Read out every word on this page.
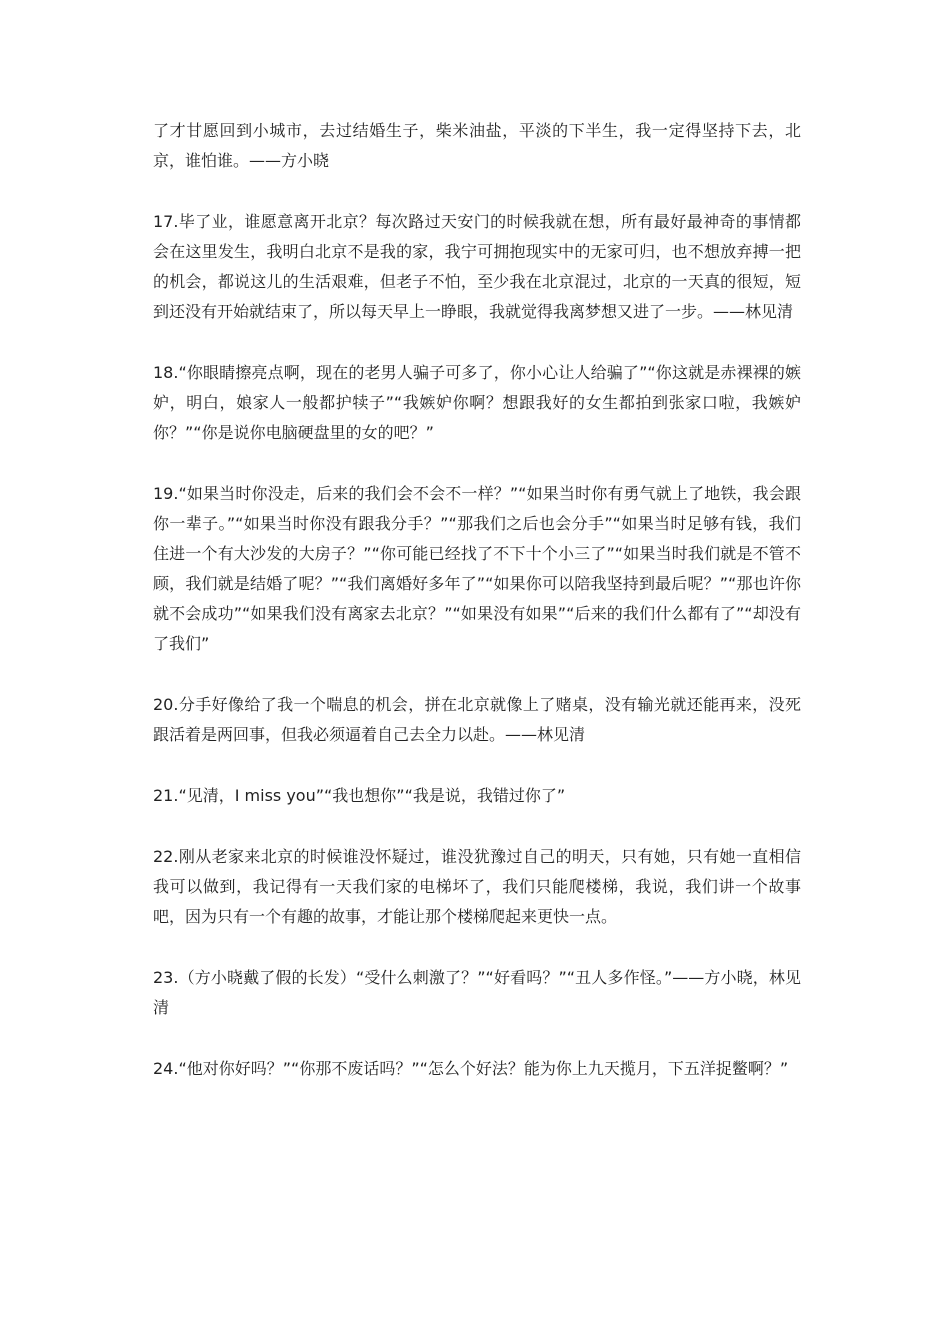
了才甘愿回到小城市，去过结婚生子，柴米油盐，平淡的下半生，我一定得坚持下去，北京，谁怕谁。——方小晓

17.毕了业，谁愿意离开北京？每次路过天安门的时候我就在想，所有最好最神奇的事情都会在这里发生，我明白北京不是我的家，我宁可拥抱现实中的无家可归，也不想放弃搏一把的机会，都说这儿的生活艰难，但老子不怕，至少我在北京混过，北京的一天真的很短，短到还没有开始就结束了，所以每天早上一睁眼，我就觉得我离梦想又进了一步。——林见清

18.“你眼睛擦亮点啊，现在的老男人骗子可多了，你小心让人给骗了”“你这就是赤裸裸的嫉妒，明白，娘家人一般都护犊子”“我嫉妒你啊？想跟我好的女生都拍到张家口啦，我嫉妒你？”“你是说你电脑硬盘里的女的吧？”

19.“如果当时你没走，后来的我们会不会不一样？”“如果当时你有勇气就上了地铁，我会跟你一辈子。”“如果当时你没有跟我分手？”“那我们之后也会分手”“如果当时足够有钱，我们住进一个有大沙发的大房子？”“你可能已经找了不下十个小三了”“如果当时我们就是不管不顾，我们就是结婚了呢？”“我们离婚好多年了”“如果你可以陪我坚持到最后呢？”“那也许你就不会成功”“如果我们没有离家去北京？”“如果没有如果”“后来的我们什么都有了”“却没有了我们”

20.分手好像给了我一个喘息的机会，拼在北京就像上了赌桌，没有输光就还能再来，没死跟活着是两回事，但我必须逼着自己去全力以赴。——林见清

21.“见清，I miss you”“我也想你”“我是说，我错过你了”

22.刚从老家来北京的时候谁没怀疑过，谁没犹豫过自己的明天，只有她，只有她一直相信我可以做到，我记得有一天我们家的电梯坏了，我们只能爬楼梯，我说，我们讲一个故事吧，因为只有一个有趣的故事，才能让那个楼梯爬起来更快一点。

23.（方小晓戴了假的长发）“受什么刺激了？”“好看吗？”“丑人多作怪。”——方小晓，林见清

24.“他对你好吗？”“你那不废话吗？”“怎么个好法？能为你上九天揽月，下五洋捉鳖啊？”
